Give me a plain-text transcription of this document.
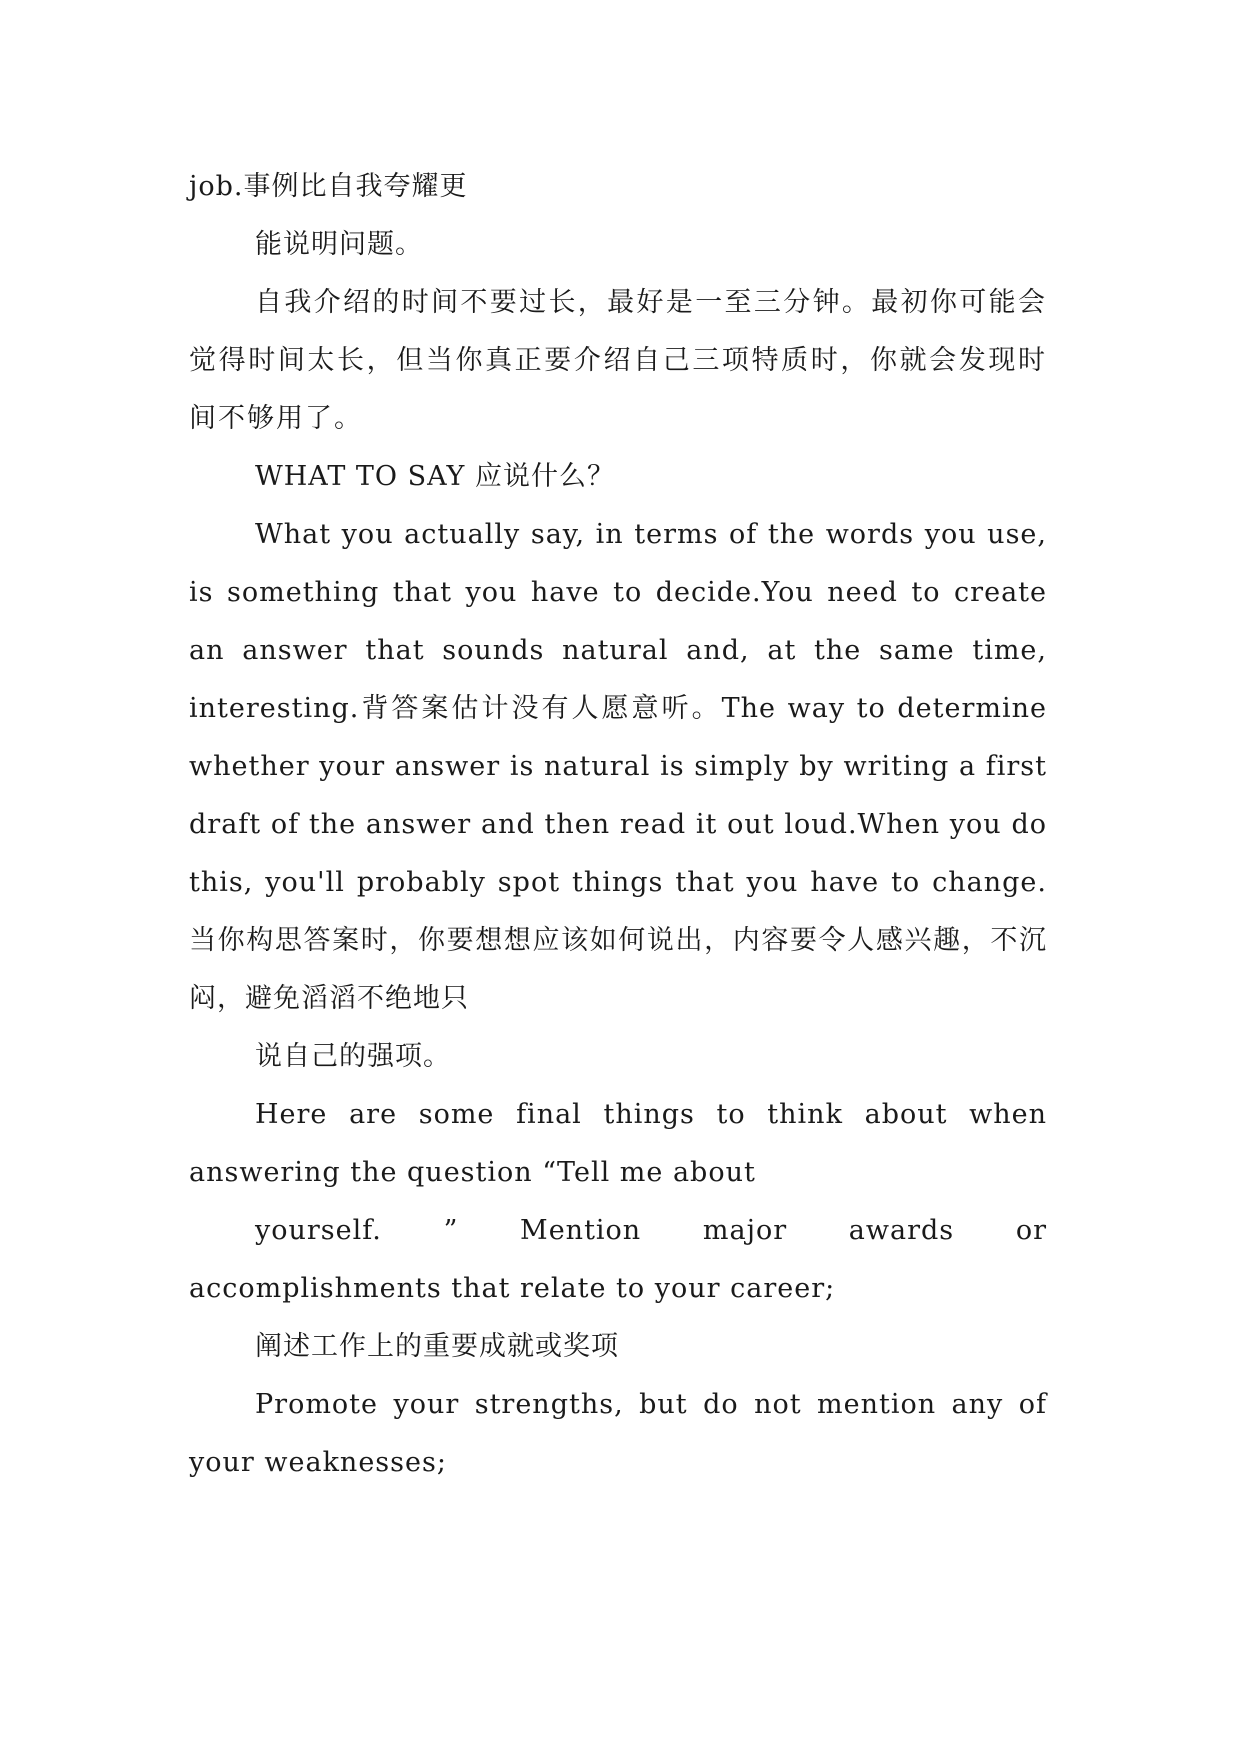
job.事例比自我夸耀更

能说明问题。

自我介绍的时间不要过长，最好是一至三分钟。最初你可能会觉得时间太长，但当你真正要介绍自己三项特质时，你就会发现时间不够用了。

WHAT TO SAY 应说什么？

What you actually say, in terms of the words you use, is something that you have to decide.You need to create an answer that sounds natural and, at the same time, interesting.背答案估计没有人愿意听。The way to determine whether your answer is natural is simply by writing a first draft of the answer and then read it out loud.When you do this, you'll probably spot things that you have to change.当你构思答案时，你要想想应该如何说出，内容要令人感兴趣，不沉闷，避免滔滔不绝地只

说自己的强项。

Here are some final things to think about when answering the question “Tell me about

yourself. ” Mention major awards or accomplishments that relate to your career;

阐述工作上的重要成就或奖项

Promote your strengths, but do not mention any of your weaknesses;
